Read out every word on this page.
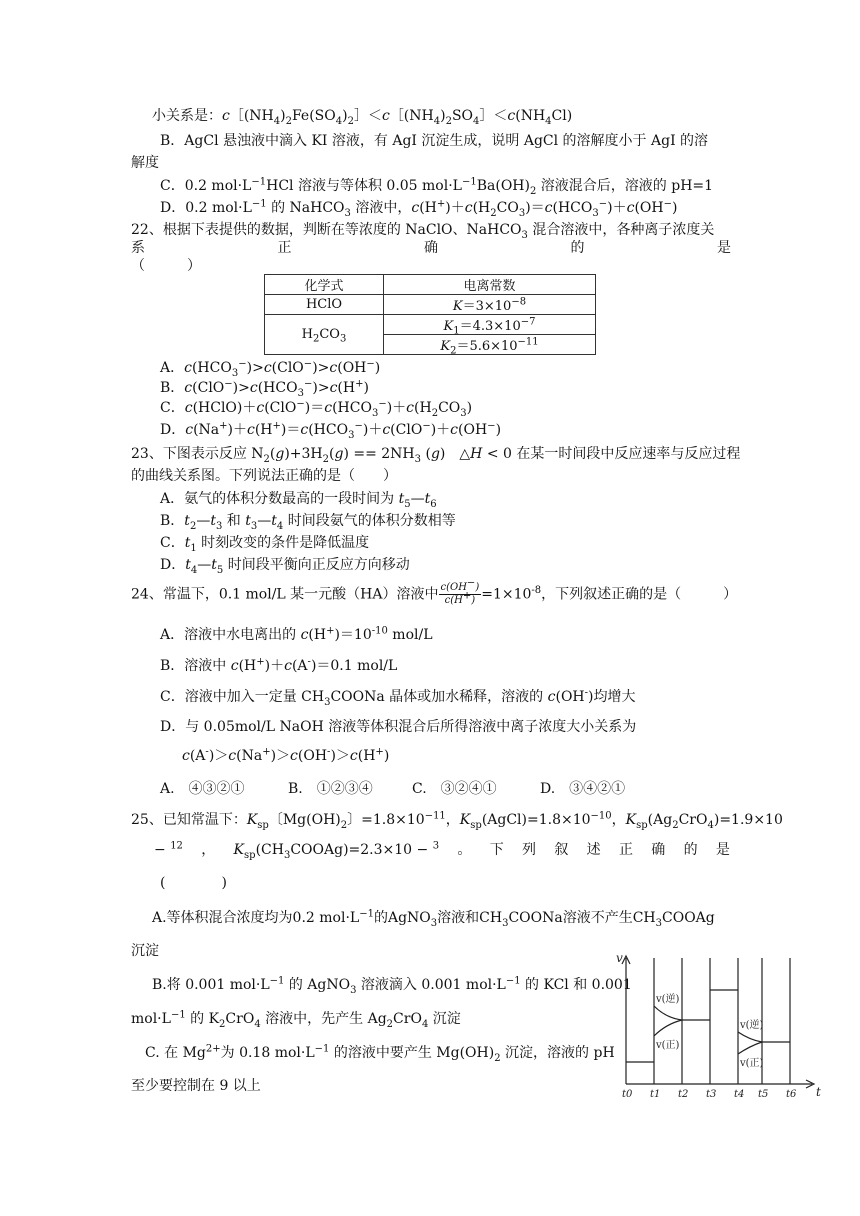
小关系是：$c[(NH_4)_2Fe(SO_4)_2]<c[(NH_4)_2SO_4]<c(NH_4Cl)$
B．AgCl 悬浊液中滴入 KI 溶液，有 AgI 沉淀生成，说明 AgCl 的溶解度小于 AgI 的溶
解度
C．0.2 $mol\cdot L^{-1}HCl$ 溶液与等体积 0.05 $mol\cdot L^{-1}Ba(OH)_2$ 溶液混合后，溶液的 pH=1
D．0.2 $mol\cdot L^{-1}$ 的 NaHCO$_3$ 溶液中，$c(H^+)+c(H_2CO_3)=c(HCO_3^-)+c(OH^-)$
22、根据下表提供的数据，判断在等浓度的 NaClO、NaHCO$_3$ 混合溶液中，各种离子浓度关
系	正	确	的	是
（　　　）
化学式	电离常数
HClO	$K=3\times 10^{-8}$
$H_2CO_3$	$K_1=4.3\times 10^{-7}$
	$K_2=5.6\times 10^{-11}$
A．$c(HCO_3^-)>c(ClO^-)>c(OH^-)$
B．$c(ClO^-)>c(HCO_3^-)>c(H^+)$
C．$c(HClO)+c(ClO^-)=c(HCO_3^-)+c(H_2CO_3)$
D．$c(Na^+)+c(H^+)=c(HCO_3^-)+c(ClO^-)+c(OH^-)$
23、下图表示反应 $N_2(g)+3H_2(g) == 2NH_3$ (g)　△H < 0 在某一时间段中反应速率与反应过程
的曲线关系图。下列说法正确的是（　　）
A．氨气的体积分数最高的一段时间为 $t_5—t_6$
B．$t_2—t_3$ 和 $t_3—t_4$ 时间段氨气的体积分数相等
C．$t_1$ 时刻改变的条件是降低温度
D．$t_4—t_5$ 时间段平衡向正反应方向移动
24、常温下，0.1 mol/L 某一元酸（HA）溶液中 $\frac{c(OH^-)}{c(H^+)} =1\times 10^{-8}$，下列叙述正确的是（　　　）
A．溶液中水电离出的 $c(H^+)=10^{-10}$ mol/L
B．溶液中 c(H+)＋c(A-)＝0.1 mol/L
C．溶液中加入一定量 $CH_3COONa$ 晶体或加水稀释，溶液的 c(OH-)均增大
D．与 0.05mol/L NaOH 溶液等体积混合后所得溶液中离子浓度大小关系为
c(A-)＞c(Na+)＞c(OH-)＞c(H+)
A.　④③②①	B.　①②③④	C.　③②④①	D.　③④②①
25、已知常温下：$K_{sp}$〔$Mg(OH)_2$〕$=1.8\times 10^{-11}$，$K_{sp}(AgCl)=1.8\times 10^{-10}$，$K_{sp}(Ag_2CrO_4)=1.9\times 10$
− $^{12}$ ， $K_{sp}(CH_3COOAg)=2.3\times 10 - ^3$ 。 下 列 叙 述 正 确 的 是
(　　　　)
A.等体积混合浓度均为0.2 $mol\cdot L^{-1}$的AgNO$_3$溶液和$CH_3COONa$溶液不产生$CH_3COOAg$
沉淀
B.将 0.001 $mol\cdot L^{-1}$ 的 AgNO$_3$ 溶液滴入 0.001 $mol\cdot L^{-1}$ 的 KCl 和 0.001
$mol\cdot L^{-1}$ 的 $K_2CrO_4$ 溶液中，先产生 $Ag_2CrO_4$ 沉淀
C. 在 $Mg^{2+}$为 0.18 $mol\cdot L^{-1}$ 的溶液中要产生 $Mg(OH)_2$ 沉淀，溶液的 pH
至少要控制在 9 以上
v
t
v(逆)
v(正)
v(逆)
v(正)
t0 t1 t2 t3 t4 t5 t6
